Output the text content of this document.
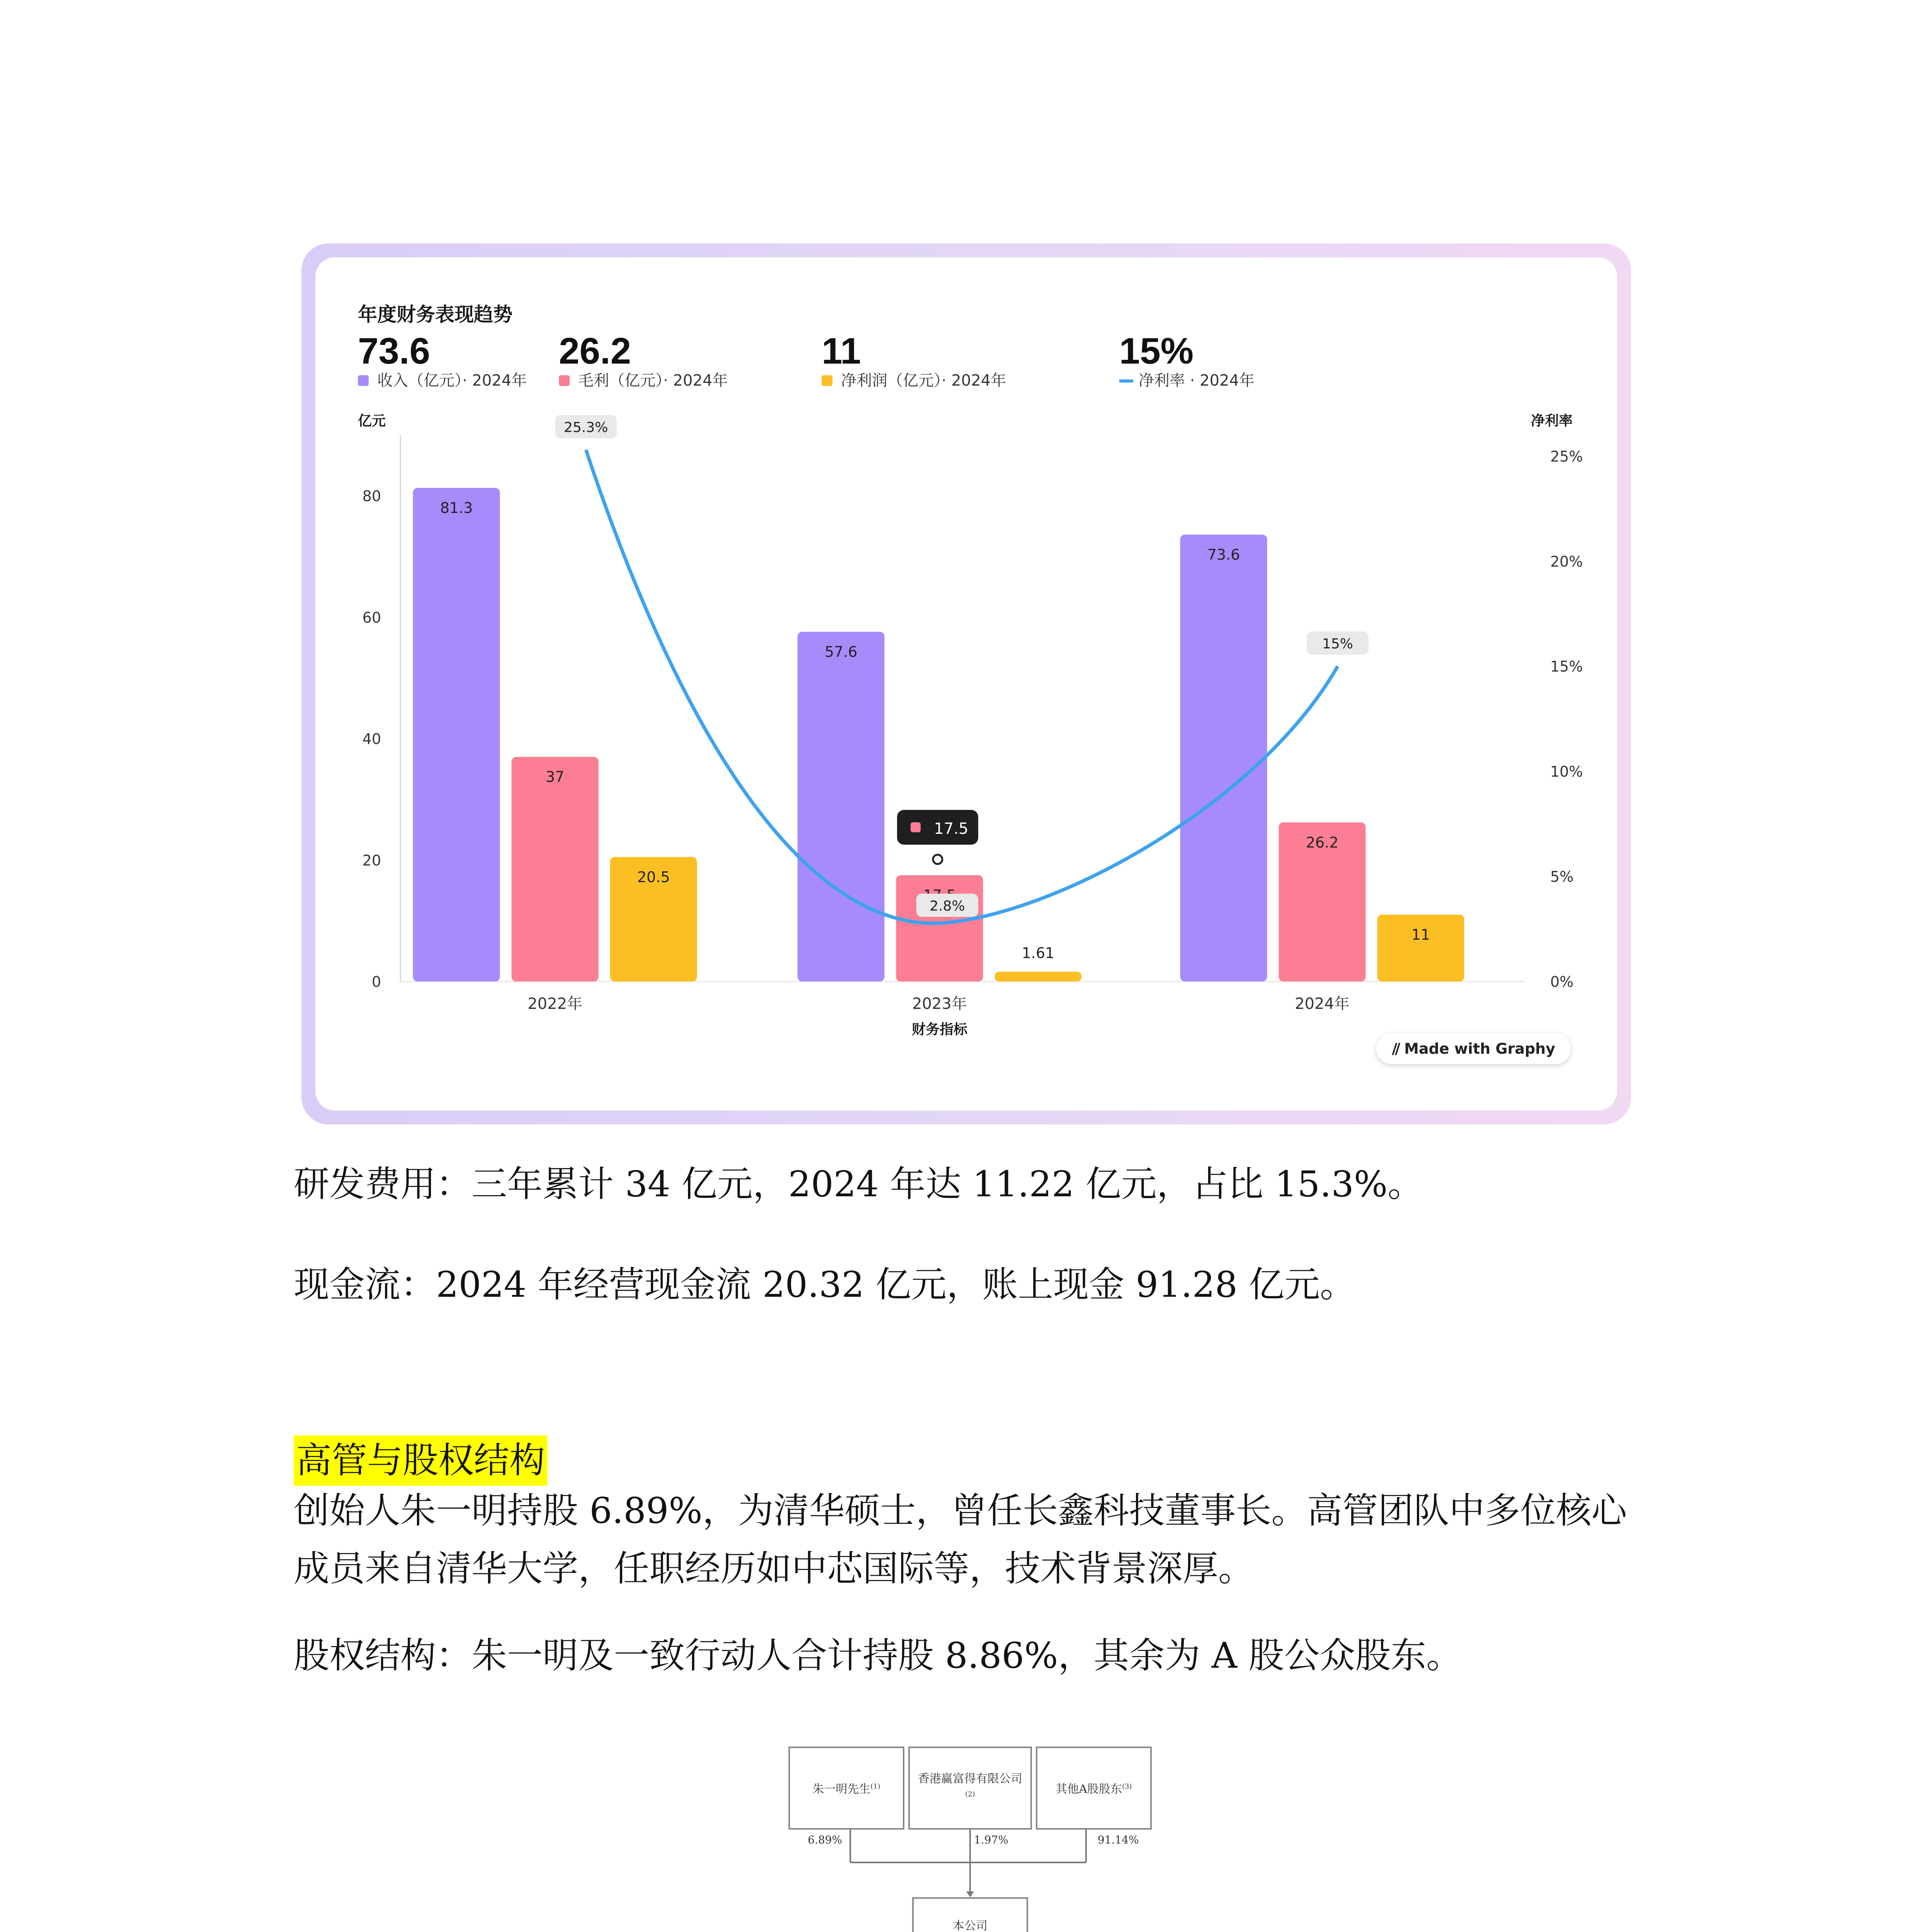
年度财务表现趋势
73.6
收入（亿元）· 2024年
26.2
毛利（亿元）· 2024年
11
净利润（亿元）· 2024年
15%
净利率 · 2024年
亿元	净利率
0
20
40
60
80
0%
5%
10%
15%
20%
25%
81.3
37
20.5
2022年
57.6
1.61
2023年
73.6
26.2
11
2024年
财务指标
25.3%
2.8%
15%
17.5
// Made with Graphy

研发费用：三年累计 34 亿元，2024 年达 11.22 亿元，占比 15.3%。

现金流：2024 年经营现金流 20.32 亿元，账上现金 91.28 亿元。

高管与股权结构

创始人朱一明持股 6.89%，为清华硕士，曾任长鑫科技董事长。高管团队中多位核心成员来自清华大学，任职经历如中芯国际等，技术背景深厚。

股权结构：朱一明及一致行动人合计持股 8.86%，其余为 A 股公众股东。

朱一明先生$^{(1)}$
香港赢富得有限公司$^{(2)}$	其他A股股东$^{(3)}$
6.89%	1.97%	91.14%
本公司
